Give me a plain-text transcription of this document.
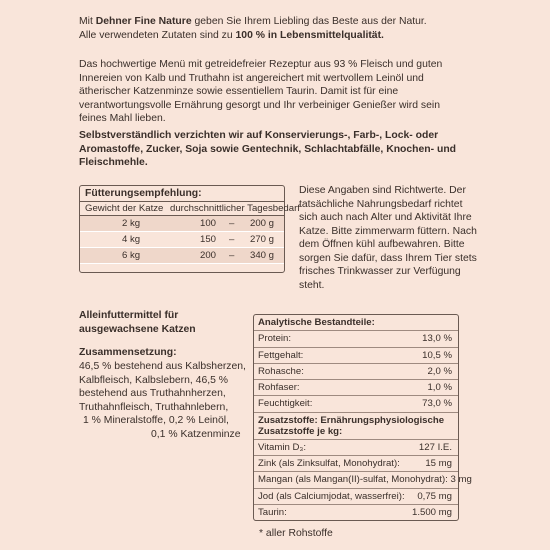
Mit Dehner Fine Nature geben Sie Ihrem Liebling das Beste aus der Natur.
Alle verwendeten Zutaten sind zu 100 % in Lebensmittelqualität.

Das hochwertige Menü mit getreidefreier Rezeptur aus 93 % Fleisch und guten Innereien von Kalb und Truthahn ist angereichert mit wertvollem Leinöl und ätherischer Katzenminze sowie essentiellem Taurin. Damit ist für eine verantwortungsvolle Ernährung gesorgt und Ihr verbeiniger Genießer wird sein feines Mahl lieben.

Selbstverständlich verzichten wir auf Konservierungs-, Farb-, Lock- oder Aromastoffe, Zucker, Soja sowie Gentechnik, Schlachtabfälle, Knochen- und Fleischmehle.

Fütterungsempfehlung:
Gewicht der Katze durchschnittlicher Tagesbedarf
2 kg	100 – 200 g
4 kg	150 – 270 g
6 kg	200 – 340 g

Diese Angaben sind Richtwerte. Der tatsächliche Nahrungsbedarf richtet sich auch nach Alter und Aktivität Ihre Katze. Bitte zimmerwarm füttern. Nach dem Öffnen kühl aufbewahren. Bitte sorgen Sie dafür, dass Ihrem Tier stets frisches Trinkwasser zur Verfügung steht.

Alleinfuttermittel für ausgewachsene Katzen

Zusammensetzung:

46,5 % bestehend aus Kalbsherzen,
Kalbfleisch, Kalbslebern, 46,5 %
bestehend aus Truthahnherzen,
Truthahnfleisch, Truthahnlebern,
1 % Mineralstoffe, 0,2 % Leinöl,
0,1 % Katzenminze

Analytische Bestandteile:
Protein:	13,0 %
Fettgehalt:	10,5 %
Rohasche:	2,0 %
Rohfaser:	1,0 %
Feuchtigkeit:	73,0 %
Zusatzstoffe: Ernährungsphysiologische Zusatzstoffe je kg:
Vitamin D₃:	127 I.E.
Zink (als Zinksulfat, Monohydrat):	15 mg
Mangan (als Mangan(II)-sulfat, Monohydrat): 3 mg
Jod (als Calciumjodat, wasserfrei): 0,75 mg
Taurin:	1.500 mg

* aller Rohstoffe
